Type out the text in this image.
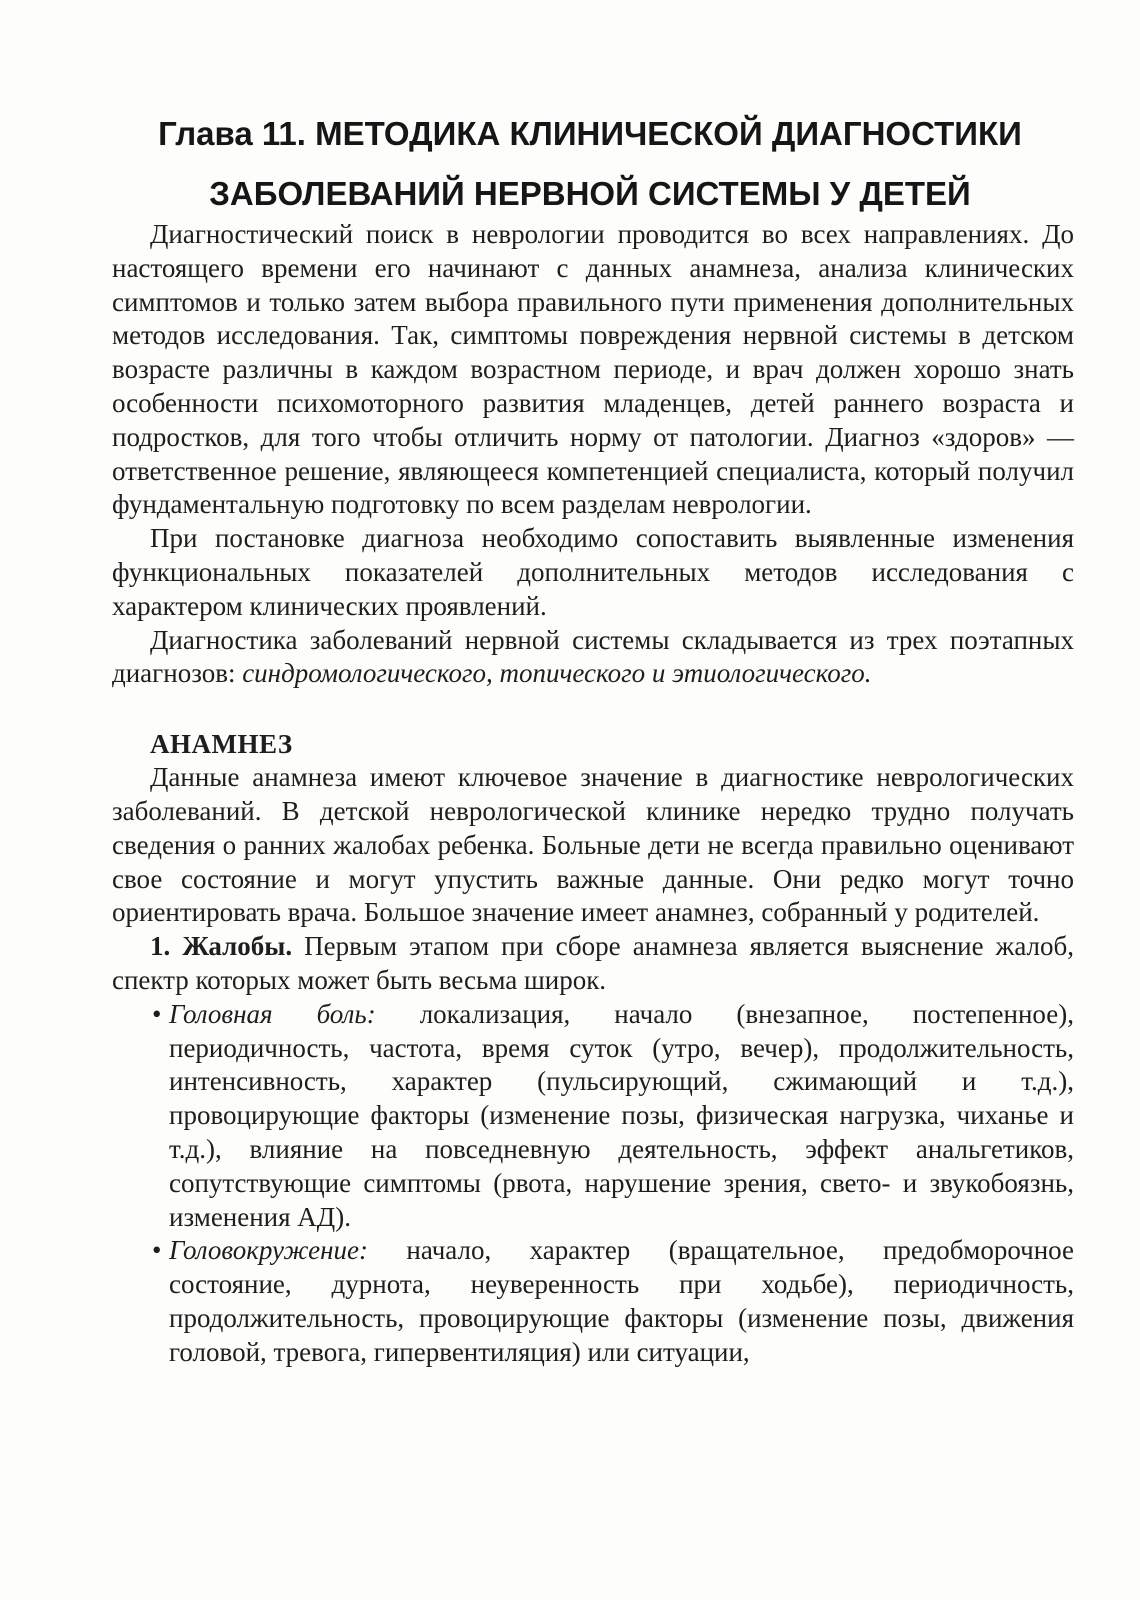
Глава 11. МЕТОДИКА КЛИНИЧЕСКОЙ ДИАГНОСТИКИ
ЗАБОЛЕВАНИЙ НЕРВНОЙ СИСТЕМЫ У ДЕТЕЙ

Диагностический поиск в неврологии проводится во всех направлениях. До настоящего времени его начинают с данных анамнеза, анализа клинических симптомов и только затем выбора правильного пути применения дополнительных методов исследования. Так, симптомы повреждения нервной системы в детском возрасте различны в каждом возрастном периоде, и врач должен хорошо знать особенности психомоторного развития младенцев, детей раннего возраста и подростков, для того чтобы отличить норму от патологии. Диагноз «здоров» — ответственное решение, являющееся компетенцией специалиста, который получил фундаментальную подготовку по всем разделам неврологии.

При постановке диагноза необходимо сопоставить выявленные изменения функциональных показателей дополнительных методов исследования с характером клинических проявлений.

Диагностика заболеваний нервной системы складывается из трех поэтапных диагнозов: синдромологического, топического и этиологического.

АНАМНЕЗ

Данные анамнеза имеют ключевое значение в диагностике неврологических заболеваний. В детской неврологической клинике нередко трудно получать сведения о ранних жалобах ребенка. Больные дети не всегда правильно оценивают свое состояние и могут упустить важные данные. Они редко могут точно ориентировать врача. Большое значение имеет анамнез, собранный у родителей.

1. Жалобы. Первым этапом при сборе анамнеза является выяснение жалоб, спектр которых может быть весьма широк.

• Головная боль: локализация, начало (внезапное, постепенное), периодичность, частота, время суток (утро, вечер), продолжительность, интенсивность, характер (пульсирующий, сжимающий и т.д.), провоцирующие факторы (изменение позы, физическая нагрузка, чиханье и т.д.), влияние на повседневную деятельность, эффект анальгетиков, сопутствующие симптомы (рвота, нарушение зрения, свето- и звукобоязнь, изменения АД).
• Головокружение: начало, характер (вращательное, предобморочное состояние, дурнота, неуверенность при ходьбе), периодичность, продолжительность, провоцирующие факторы (изменение позы, движения головой, тревога, гипервентиляция) или ситуации,
